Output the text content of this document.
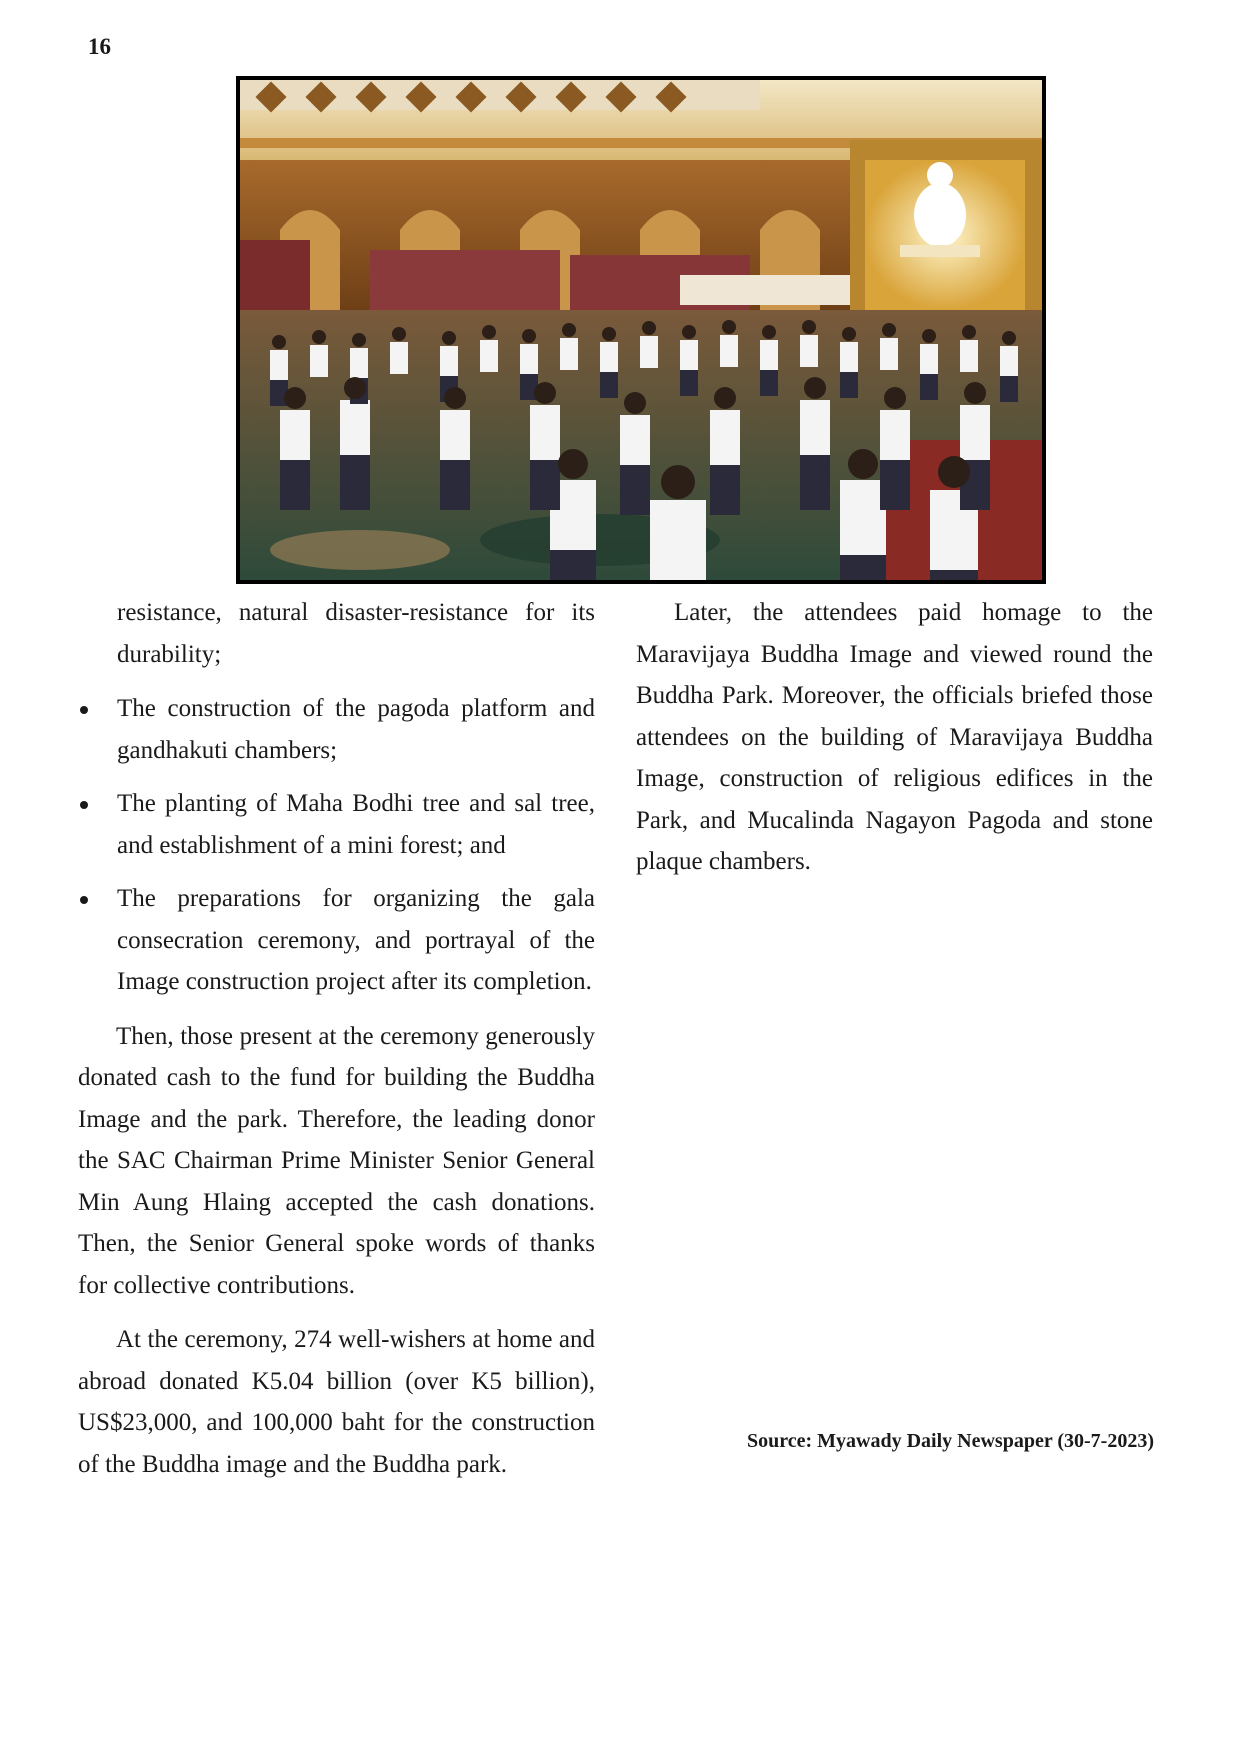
16

resistance, natural disaster-resistance for its durability;

The construction of the pagoda platform and gandhakuti chambers;
The planting of Maha Bodhi tree and sal tree, and establishment of a mini forest; and
The preparations for organizing the gala consecration ceremony, and portrayal of the Image construction project after its completion.

Then, those present at the ceremony generously donated cash to the fund for building the Buddha Image and the park. Therefore, the leading donor the SAC Chairman Prime Minister Senior General Min Aung Hlaing accepted the cash donations. Then, the Senior General spoke words of thanks for collective contributions.

At the ceremony, 274 well-wishers at home and abroad donated K5.04 billion (over K5 billion), US$23,000, and 100,000 baht for the construction of the Buddha image and the Buddha park.

Later, the attendees paid homage to the Maravijaya Buddha Image and viewed round the Buddha Park. Moreover, the officials briefed those attendees on the building of Maravijaya Buddha Image, construction of religious edifices in the Park, and Mucalinda Nagayon Pagoda and stone plaque chambers.

Source: Myawady Daily Newspaper (30-7-2023)
